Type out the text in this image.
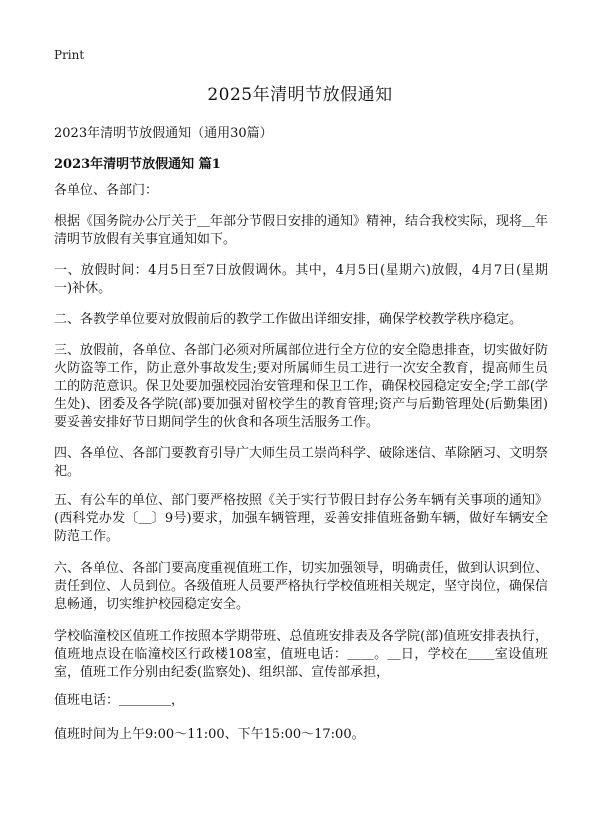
Print
2025年清明节放假通知
2023年清明节放假通知（通用30篇）
2023年清明节放假通知 篇1
各单位、各部门：
根据《国务院办公厅关于＿年部分节假日安排的通知》精神，结合我校实际，现将＿年清明节放假有关事宜通知如下。
一、放假时间：4月5日至7日放假调休。其中，4月5日(星期六)放假，4月7日(星期一)补休。
二、各教学单位要对放假前后的教学工作做出详细安排，确保学校教学秩序稳定。
三、放假前，各单位、各部门必须对所属部位进行全方位的安全隐患排查，切实做好防火防盗等工作，防止意外事故发生;要对所属师生员工进行一次安全教育，提高师生员工的防范意识。保卫处要加强校园治安管理和保卫工作，确保校园稳定安全;学工部(学生处)、团委及各学院(部)要加强对留校学生的教育管理;资产与后勤管理处(后勤集团)要妥善安排好节日期间学生的伙食和各项生活服务工作。
四、各单位、各部门要教育引导广大师生员工崇尚科学、破除迷信、革除陋习、文明祭祀。
五、有公车的单位、部门要严格按照《关于实行节假日封存公务车辆有关事项的通知》(西科党办发〔＿〕9号)要求，加强车辆管理，妥善安排值班备勤车辆，做好车辆安全防范工作。
六、各单位、各部门要高度重视值班工作，切实加强领导，明确责任，做到认识到位、责任到位、人员到位。各级值班人员要严格执行学校值班相关规定，坚守岗位，确保信息畅通，切实维护校园稳定安全。
学校临潼校区值班工作按照本学期带班、总值班安排表及各学院(部)值班安排表执行，值班地点设在临潼校区行政楼108室，值班电话：＿＿。＿日，学校在＿＿室设值班室，值班工作分别由纪委(监察处)、组织部、宣传部承担，
值班电话：＿＿＿＿，
值班时间为上午9:00～11:00、下午15:00～17:00。
